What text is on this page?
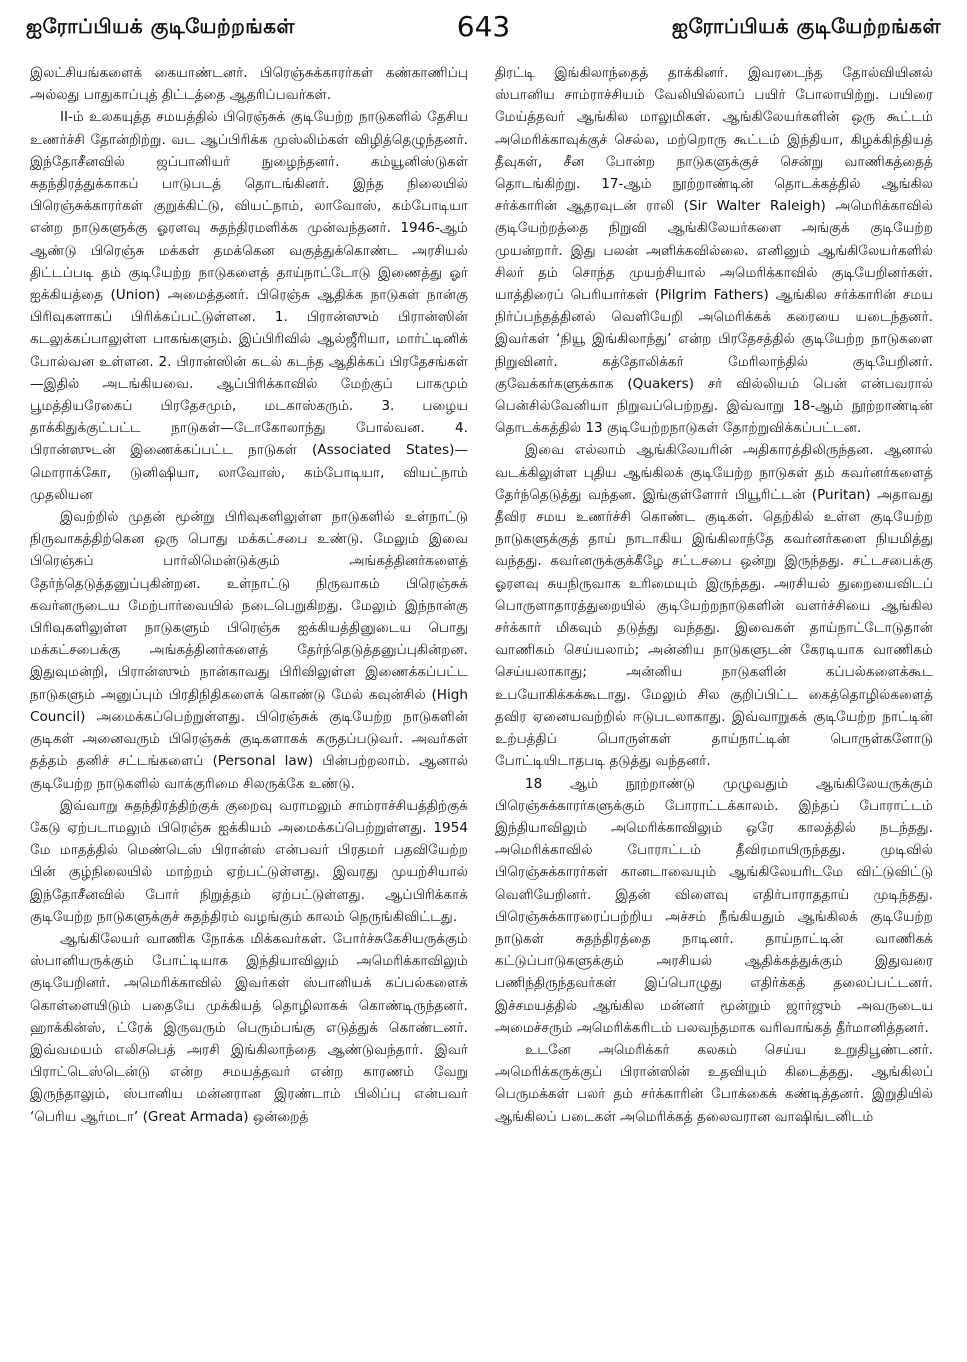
ஐரோப்பியக் குடியேற்றங்கள்	643	ஐரோப்பியக் குடியேற்றங்கள்

இலட்சியங்களைக் கையாண்டனர். பிரெஞ்சுக்காரர்கள் கண்காணிப்பு அல்லது பாதுகாப்புத் திட்டத்தை ஆதரிப்பவர்கள்.

II-ம் உலகயுத்த சமயத்தில் பிரெஞ்சுக் குடியேற்ற நாடுகளில் தேசிய உணர்ச்சி தோன்றிற்று. வட ஆப்பிரிக்க முஸ்லிம்கள் விழித்தெழுந்தனர். இந்தோசீனவில் ஜப்பானியர் நுழைந்தனர். கம்யூனிஸ்டுகள் சுதந்திரத்துக்காகப் பாடுபடத் தொடங்கினர். இந்த நிலையில் பிரெஞ்சுக்காரர்கள் குறுக்கிட்டு, வியட்நாம், லாவோஸ், கம்போடியா என்ற நாடுகளுக்கு ஓரளவு சுதந்திரமளிக்க முன்வந்தனர். 1946-ஆம் ஆண்டு பிரெஞ்சு மக்கள் தமக்கென வகுத்துக்கொண்ட அரசியல் திட்டப்படி தம் குடியேற்ற நாடுகளைத் தாய்நாட்டோடு இணைத்து ஓர் ஐக்கியத்தை (Union) அமைத்தனர். பிரெஞ்சு ஆதிக்க நாடுகள் நான்கு பிரிவுகளாகப் பிரிக்கப்பட்டுள்ளன. 1. பிரான்ஸும் பிரான்ஸின் கடலுக்கப்பாலுள்ள பாகங்களும். இப்பிரிவில் ஆல்ஜீரியா, மார்ட்டினிக் போல்வன உள்ளன. 2. பிரான்ஸின் கடல் கடந்த ஆதிக்கப் பிரதேசங்கள்—இதில் அடங்கியவை. ஆப்பிரிக்காவில் மேற்குப் பாகமும் பூமத்தியரேகைப் பிரதேசமும், மடகாஸ்கரும். 3. பழைய தாக்கிதுக்குட்பட்ட நாடுகள்—டோகோலாந்து போல்வன. 4. பிரான்ஸுடன் இணைக்கப்பட்ட நாடுகள் (Associated States)—மொராக்கோ, டுனிஷியா, லாவோஸ், கம்போடியா, வியட்நாம் முதலியன

இவற்றில் முதன் மூன்று பிரிவுகளிலுள்ள நாடுகளில் உள்நாட்டு நிருவாகத்திற்கென ஒரு பொது மக்கட்சபை உண்டு. மேலும் இவை பிரெஞ்சுப் பார்லிமென்டுக்கும் அங்கத்தினர்களைத் தேர்ந்தெடுத்தனுப்புகின்றன. உள்நாட்டு நிருவாகம் பிரெஞ்சுக் கவர்னருடைய மேற்பார்வையில் நடைபெறுகிறது. மேலும் இந்நான்கு பிரிவுகளிலுள்ள நாடுகளும் பிரெஞ்சு ஐக்கியத்தினுடைய பொது மக்கட்சபைக்கு அங்கத்தினர்களைத் தேர்ந்தெடுத்தனுப்புகின்றன. இதுவுமன்றி, பிரான்ஸும் நான்காவது பிரிவிலுள்ள இணைக்கப்பட்ட நாடுகளும் அனுப்பும் பிரதிநிதிகளைக் கொண்டு மேல் கவுன்சில் (High Council) அமைக்கப்பெற்றுள்ளது. பிரெஞ்சுக் குடியேற்ற நாடுகளின் குடிகள் அனைவரும் பிரெஞ்சுக் குடிகளாகக் கருதப்படுவர். அவர்கள் தத்தம் தனிச் சட்டங்களைப் (Personal law) பின்பற்றலாம். ஆனால் குடியேற்ற நாடுகளில் வாக்குரிமை சிலருக்கே உண்டு.

இவ்வாறு சுதந்திரத்திற்குக் குறைவு வராமலும் சாம்ராச்சியத்திற்குக் கேடு ஏற்படாமலும் பிரெஞ்சு ஐக்கியம் அமைக்கப்பெற்றுள்ளது. 1954 மே மாதத்தில் மெண்டெஸ் பிரான்ஸ் என்பவர் பிரதமர் பதவியேற்ற பின் குழ்நிலையில் மாற்றம் ஏற்பட்டுள்ளது. இவரது முயற்சியால் இந்தோசீனவில் போர் நிறுத்தம் ஏற்பட்டுள்ளது. ஆப்பிரிக்காக் குடியேற்ற நாடுகளுக்குச் சுதந்திரம் வழங்கும் காலம் நெருங்கிவிட்டது.

ஆங்கிலேயர் வாணிக நோக்க மிக்கவர்கள். போர்ச்சுகேசியருக்கும் ஸ்பானியருக்கும் போட்டியாக இந்தியாவிலும் அமெரிக்காவிலும் குடியேறினர். அமெரிக்காவில் இவர்கள் ஸ்பானியக் கப்பல்களைக் கொள்ளையிடும் பதையே முக்கியத் தொழிலாகக் கொண்டிருந்தனர். ஹாக்கின்ஸ், ட்ரேக் இருவரும் பெரும்பங்கு எடுத்துக் கொண்டனர். இவ்வமயம் எலிசபெத் அரசி இங்கிலாந்தை ஆண்டுவந்தார். இவர் பிராட்டெஸ்டென்டு என்ற சமயத்தவர் என்ற காரணம் வேறு இருந்தாலும், ஸ்பானிய மன்னரான இரண்டாம் பிலிப்பு என்பவர் ‘பெரிய ஆர்மடா’ (Great Armada) ஒன்றைத்

திரட்டி இங்கிலாந்தைத் தாக்கினர். இவரடைந்த தோல்வியினல் ஸ்பானிய சாம்ராச்சியம் வேலியில்லாப் பயிர் போலாயிற்று. பயிரை மேய்த்தவர் ஆங்கில மாலுமிகள். ஆங்கிலேயர்களின் ஒரு கூட்டம் அமெரிக்காவுக்குச் செல்ல, மற்றொரு கூட்டம் இந்தியா, கிழக்கிந்தியத் தீவுகள், சீன போன்ற நாடுகளுக்குச் சென்று வாணிகத்தைத் தொடங்கிற்று. 17-ஆம் நூற்றாண்டின் தொடக்கத்தில் ஆங்கில சர்க்காரின் ஆதரவுடன் ராலி (Sir Walter Raleigh) அமெரிக்காவில் குடியேற்றத்தை நிறுவி ஆங்கிலேயர்களை அங்குக் குடியேற்ற முயன்றார். இது பலன் அளிக்கவில்லை. எனினும் ஆங்கிலேயர்களில் சிலர் தம் சொந்த முயற்சியால் அமெரிக்காவில் குடியேறினர்கள். யாத்திரைப் பெரியார்கள் (Pilgrim Fathers) ஆங்கில சர்க்காரின் சமய நிர்ப்பந்தத்தினல் வெளியேறி அமெரிக்கக் கரையை யடைந்தனர். இவர்கள் ‘நியூ இங்கிலாந்து’ என்ற பிரதேசத்தில் குடியேற்ற நாடுகளை நிறுவினர். கத்தோலிக்கர் மேரிலாந்தில் குடியேறினர். குவேக்கர்களுக்காக (Quakers) சர் வில்லியம் பென் என்பவரால் பென்சில்வேனியா நிறுவப்பெற்றது. இவ்வாறு 18-ஆம் நூற்றாண்டின் தொடக்கத்தில் 13 குடியேற்றநாடுகள் தோற்றுவிக்கப்பட்டன.

இவை எல்லாம் ஆங்கிலேயரின் அதிகாரத்திலிருந்தன. ஆனால் வடக்கிலுள்ள புதிய ஆங்கிலக் குடியேற்ற நாடுகள் தம் கவர்னர்களைத் தேர்ந்தெடுத்து வந்தன. இங்குள்ளோர் பியூரிட்டன் (Puritan) அதாவது தீவிர சமய உணர்ச்சி கொண்ட குடிகள். தெற்கில் உள்ள குடியேற்ற நாடுகளுக்குத் தாய் நாடாகிய இங்கிலாந்தே கவர்னர்களை நியமித்து வந்தது. கவர்னருக்குக்கீழே சட்டசபை ஒன்று இருந்தது. சட்டசபைக்கு ஓரளவு சுயநிருவாக உரிமையும் இருந்தது. அரசியல் துறையைவிடப் பொருளாதாரத்துறையில் குடியேற்றநாடுகளின் வளர்ச்சியை ஆங்கில சர்க்கார் மிகவும் தடுத்து வந்தது. இவைகள் தாய்நாட்டோடுதான் வாணிகம் செய்யலாம்; அன்னிய நாடுகளுடன் கேரடியாக வாணிகம் செய்யலாகாது; அன்னிய நாடுகளின் கப்பல்களைக்கூட உபயோகிக்கக்கூடாது. மேலும் சில குறிப்பிட்ட கைத்தொழில்களைத் தவிர ஏனையவற்றில் ஈடுபடலாகாது. இவ்வாறுகக் குடியேற்ற நாட்டின் உற்பத்திப் பொருள்கள் தாய்நாட்டின் பொருள்களோடு போட்டியிடாதபடி தடுத்து வந்தனர்.

18 ஆம் நூற்றாண்டு முழுவதும் ஆங்கிலேயருக்கும் பிரெஞ்சுக்காரர்களுக்கும் போராட்டக்காலம். இந்தப் போராட்டம் இந்தியாவிலும் அமெரிக்காவிலும் ஒரே காலத்தில் நடந்தது. அமெரிக்காவில் போராட்டம் தீவிரமாயிருந்தது. முடிவில் பிரெஞ்சுக்காரர்கள் கானடாவையும் ஆங்கிலேயரிடமே விட்டுவிட்டு வெளியேறினர். இதன் விளைவு எதிர்பாராததாய் முடிந்தது. பிரெஞ்சுக்காரரைப்பற்றிய அச்சம் நீங்கியதும் ஆங்கிலக் குடியேற்ற நாடுகள் சுதந்திரத்தை நாடினர். தாய்நாட்டின் வாணிகக் கட்டுப்பாடுகளுக்கும் அரசியல் ஆதிக்கத்துக்கும் இதுவரை பணிந்திருந்தவர்கள் இப்பொழுது எதிர்க்கத் தலைப்பட்டனர். இச்சமயத்தில் ஆங்கில மன்னர் மூன்றும் ஜார்ஜும் அவருடைய அமைச்சரும் அமெரிக்கரிடம் பலவந்தமாக வரிவாங்கத் தீர்மானித்தனர்.

உடனே அமெரிக்கர் கலகம் செய்ய உறுதிபூண்டனர். அமெரிக்கருக்குப் பிரான்ஸின் உதவியும் கிடைத்தது. ஆங்கிலப் பெருமக்கள் பலர் தம் சர்க்காரின் போக்கைக் கண்டித்தனர். இறுதியில் ஆங்கிலப் படைகள் அமெரிக்கத் தலைவரான வாஷிங்டனிடம்
